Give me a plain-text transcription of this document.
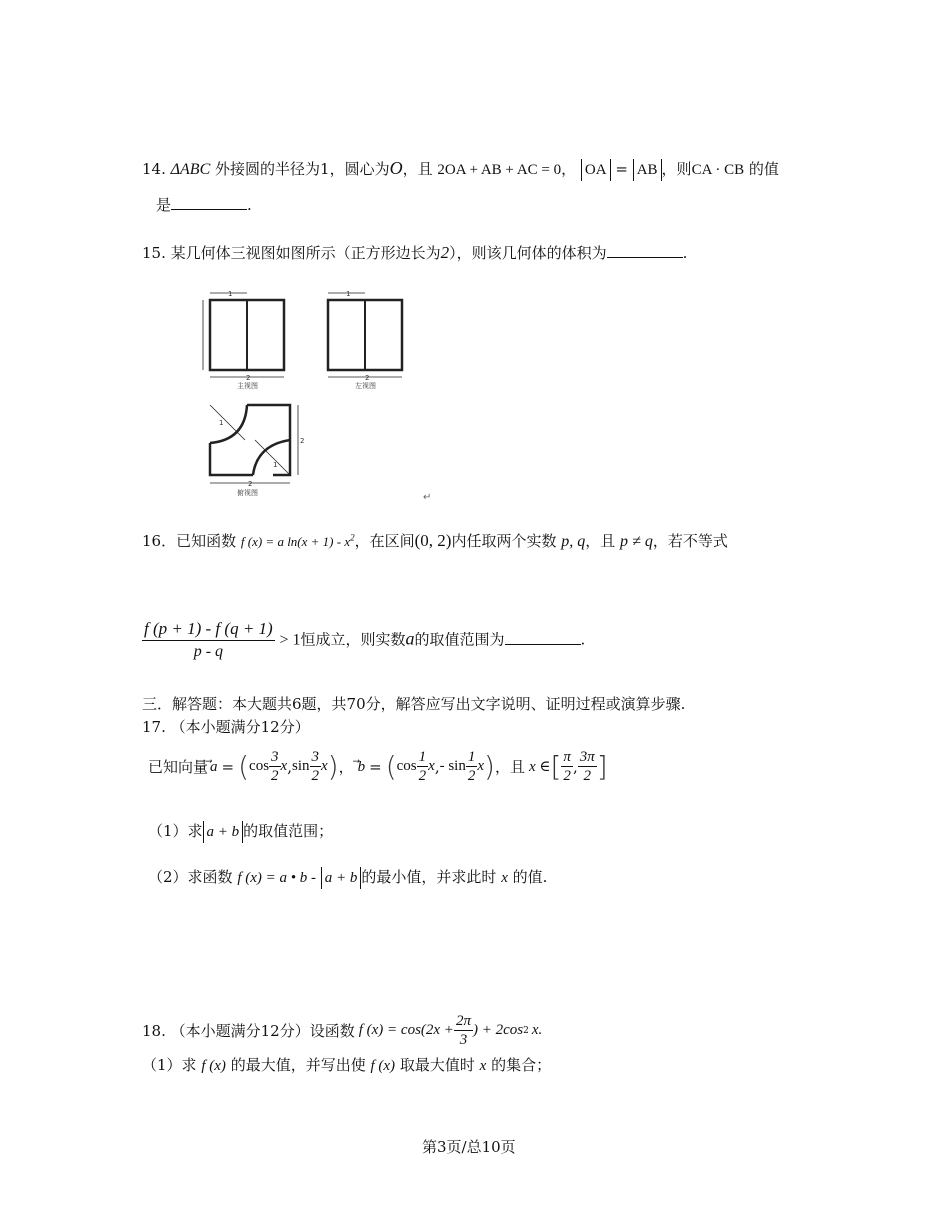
14. ΔABC 外接圆的半径为1，圆心为O，且 2OA + AB + AC = 0， OA = AB ，则CA · CB 的值
是	.
15. 某几何体三视图如图所示（正方形边长为2），则该几何体的体积为	.
1
2
1
2
1
1
2
2
主视图	左视图
俯视图	↵
16．已知函数 f (x) = a $\ln(x + 1) - x^2$，在区间(0, 2)内任取两个实数 p, q，且 p ≠ q，若不等式
$\frac{f (p + 1) - f (q + 1)}{p - q} > 1$恒成立，则实数a的取值范围为	.
三．解答题：本大题共6题，共70分，解答应写出文字说明、证明过程或演算步骤.
17. （本小题满分12分）
已知向量 a = ( $\cos \frac{3}{2}$ x , $\sin \frac{3}{2}$ x ) ， b = ( $\cos \frac{1}{2}$ x , - $\sin \frac{1}{2}$ x ) ，且 x ∈ [ $\frac{\pi}{2}$ , $\frac{3\pi}{2}$ ]
（1）求 a + b 的取值范围；
（2）求函数 f (x) = a • b - a + b 的最小值，并求此时 x 的值.
18. （本小题满分12分）设函数 f $(x) = \cos(2x + \frac{2\pi}{3}$ ) + 2cos 2 x.
（1）求 f (x) 的最大值，并写出使 f (x) 取最大值时 x 的集合；
第3页/总10页
